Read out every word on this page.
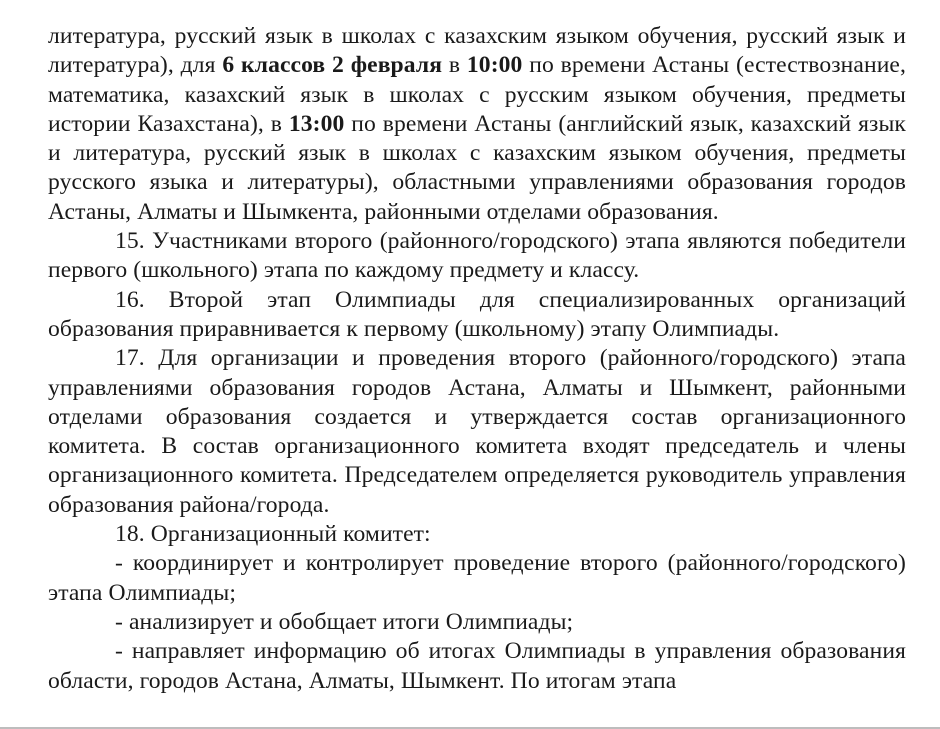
литература, русский язык в школах с казахским языком обучения, русский язык и литература), для 6 классов 2 февраля в 10:00 по времени Астаны (естествознание, математика, казахский язык в школах с русским языком обучения, предметы истории Казахстана), в 13:00 по времени Астаны (английский язык, казахский язык и литература, русский язык в школах с казахским языком обучения, предметы русского языка и литературы), областными управлениями образования городов Астаны, Алматы и Шымкента, районными отделами образования.

15. Участниками второго (районного/городского) этапа являются победители первого (школьного) этапа по каждому предмету и классу.

16. Второй этап Олимпиады для специализированных организаций образования приравнивается к первому (школьному) этапу Олимпиады.

17. Для организации и проведения второго (районного/городского) этапа управлениями образования городов Астана, Алматы и Шымкент, районными отделами образования создается и утверждается состав организационного комитета. В состав организационного комитета входят председатель и члены организационного комитета. Председателем определяется руководитель управления образования района/города.

18. Организационный комитет:

- координирует и контролирует проведение второго (районного/городского) этапа Олимпиады;

- анализирует и обобщает итоги Олимпиады;

- направляет информацию об итогах Олимпиады в управления образования области, городов Астана, Алматы, Шымкент. По итогам этапа
